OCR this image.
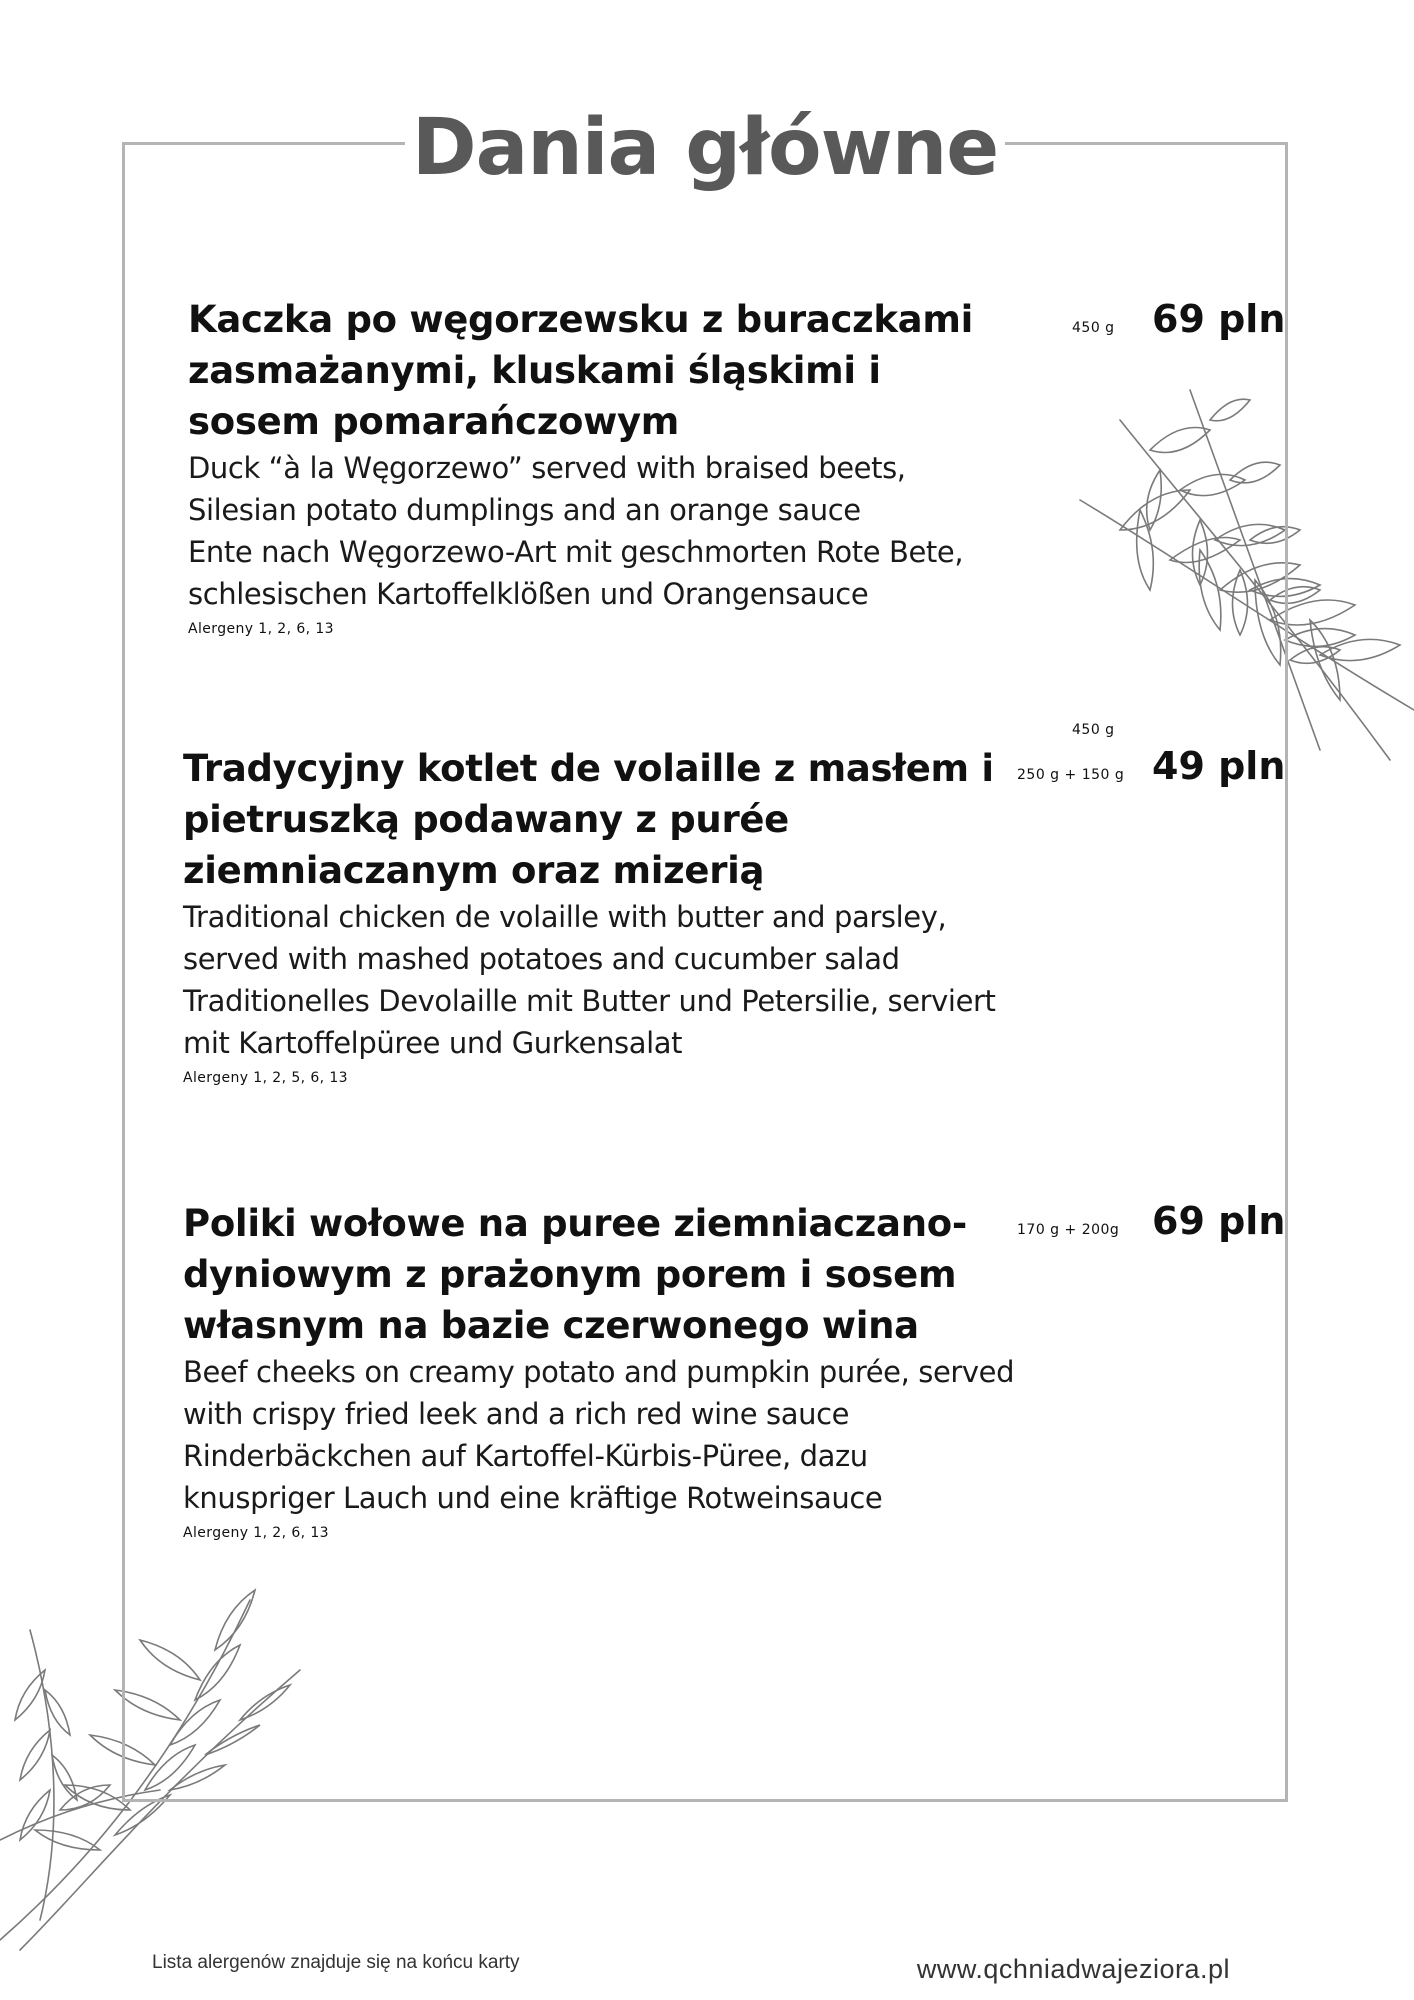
Dania główne
Kaczka po węgorzewsku z buraczkami zasmażanymi, kluskami śląskimi i sosem pomarańczowym

Duck “à la Węgorzewo” served with braised beets, Silesian potato dumplings and an orange sauce

Ente nach Węgorzewo-Art mit geschmorten Rote Bete, schlesischen Kartoffelklößen und Orangensauce

Alergeny 1, 2, 6, 13
450 g 69 pln
450 g
Tradycyjny kotlet de volaille z masłem i pietruszką podawany z purée ziemniaczanym oraz mizerią

Traditional chicken de volaille with butter and parsley, served with mashed potatoes and cucumber salad

Traditionelles Devolaille mit Butter und Petersilie, serviert mit Kartoffelpüree und Gurkensalat

Alergeny 1, 2, 5, 6, 13
250 g + 150 g 49 pln
Poliki wołowe na puree ziemniaczano-dyniowym z prażonym porem i sosem własnym na bazie czerwonego wina

Beef cheeks on creamy potato and pumpkin purée, served with crispy fried leek and a rich red wine sauce

Rinderbäckchen auf Kartoffel-Kürbis-Püree, dazu knuspriger Lauch und eine kräftige Rotweinsauce

Alergeny 1, 2, 6, 13
170 g + 200g 69 pln
Lista alergenów znajduje się na końcu karty	www.qchniadwajeziora.pl
